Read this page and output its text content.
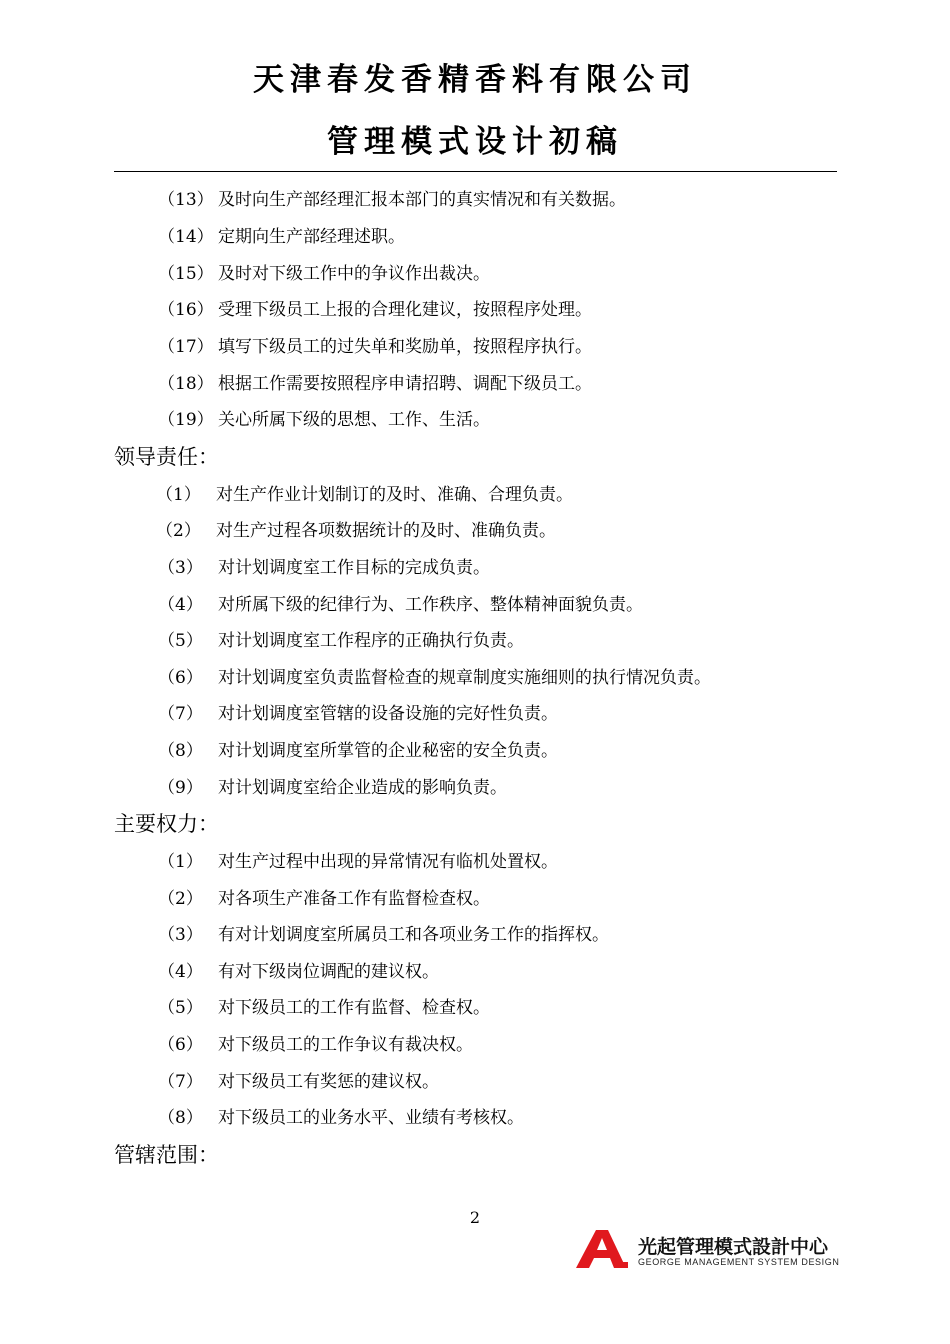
天津春发香精香料有限公司
管理模式设计初稿
（13） 及时向生产部经理汇报本部门的真实情况和有关数据。
（14） 定期向生产部经理述职。
（15） 及时对下级工作中的争议作出裁决。
（16） 受理下级员工上报的合理化建议，按照程序处理。
（17） 填写下级员工的过失单和奖励单，按照程序执行。
（18） 根据工作需要按照程序申请招聘、调配下级员工。
（19） 关心所属下级的思想、工作、生活。
领导责任：
（1） 对生产作业计划制订的及时、准确、合理负责。
（2） 对生产过程各项数据统计的及时、准确负责。
（3） 对计划调度室工作目标的完成负责。
（4） 对所属下级的纪律行为、工作秩序、整体精神面貌负责。
（5） 对计划调度室工作程序的正确执行负责。
（6） 对计划调度室负责监督检查的规章制度实施细则的执行情况负责。
（7） 对计划调度室管辖的设备设施的完好性负责。
（8） 对计划调度室所掌管的企业秘密的安全负责。
（9） 对计划调度室给企业造成的影响负责。
主要权力：
（1） 对生产过程中出现的异常情况有临机处置权。
（2） 对各项生产准备工作有监督检查权。
（3） 有对计划调度室所属员工和各项业务工作的指挥权。
（4） 有对下级岗位调配的建议权。
（5） 对下级员工的工作有监督、检查权。
（6） 对下级员工的工作争议有裁决权。
（7） 对下级员工有奖惩的建议权。
（8） 对下级员工的业务水平、业绩有考核权。
管辖范围：
2
光起管理模式設計中心
GEORGE MANAGEMENT SYSTEM DESIGN
